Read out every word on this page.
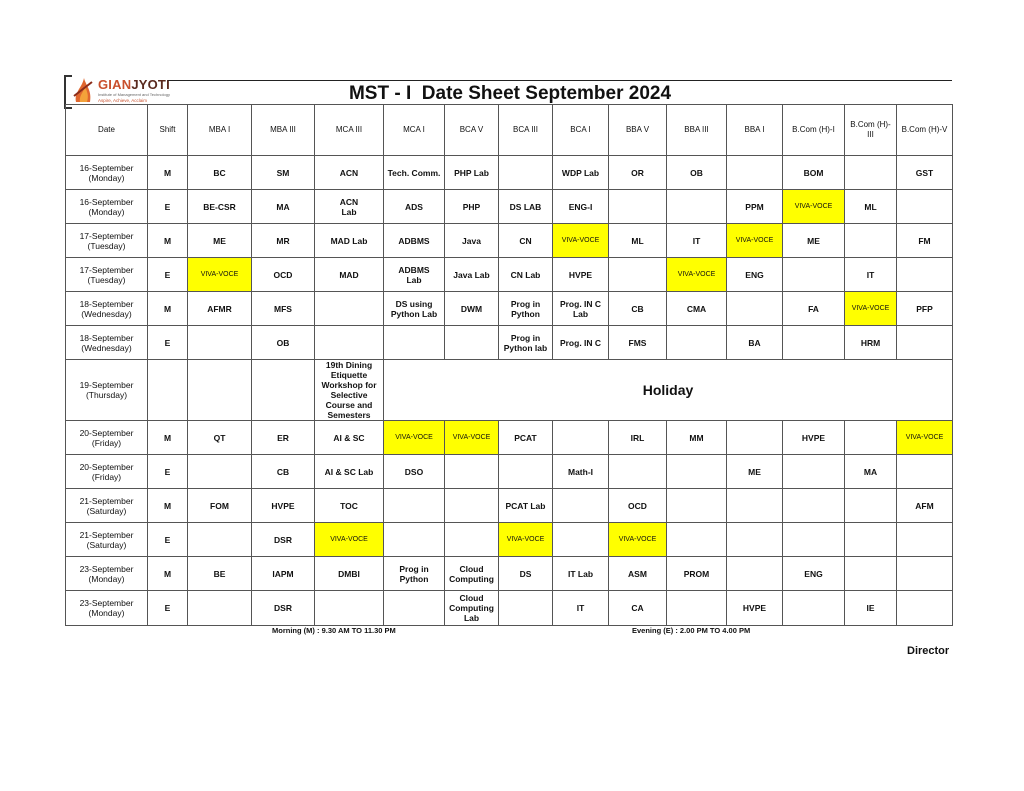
GIANJYOTI
Institute of Management and Technology
Aspire, Achieve, Acclaim	MST - I  Date Sheet September 2024
Date	Shift	MBA I	MBA III	MCA III	MCA I	BCA V	BCA III	BCA I	BBA V	BBA III	BBA I	B.Com (H)-I	B.Com (H)-III	B.Com (H)-V
16-September
(Monday)	M	BC	SM	ACN	Tech. Comm.	PHP Lab		WDP Lab	OR	OB		BOM		GST
16-September
(Monday)	E	BE-CSR	MA	ACN
Lab	ADS	PHP	DS LAB	ENG-I			PPM	VIVA-VOCE	ML	
17-September
(Tuesday)	M	ME	MR	MAD Lab	ADBMS	Java	CN	VIVA-VOCE	ML	IT	VIVA-VOCE	ME		FM
17-September
(Tuesday)	E	VIVA-VOCE	OCD	MAD	ADBMS
Lab	Java Lab	CN Lab	HVPE		VIVA-VOCE	ENG		IT	
18-September
(Wednesday)	M	AFMR	MFS		DS using
Python Lab	DWM	Prog in
Python	Prog. IN C
Lab	CB	CMA		FA	VIVA-VOCE	PFP
18-September
(Wednesday)	E		OB				Prog in
Python lab	Prog. IN C	FMS		BA		HRM	
19-September
(Thursday)				19th Dining Etiquette
Workshop for Selective
Course and Semesters	Holiday									
20-September
(Friday)	M	QT	ER	AI & SC	VIVA-VOCE	VIVA-VOCE	PCAT		IRL	MM		HVPE		VIVA-VOCE
20-September
(Friday)	E		CB	AI & SC Lab	DSO			Math-I			ME		MA	
21-September
(Saturday)	M	FOM	HVPE	TOC			PCAT Lab		OCD					AFM
21-September
(Saturday)	E		DSR	VIVA-VOCE			VIVA-VOCE		VIVA-VOCE					
23-September
(Monday)	M	BE	IAPM	DMBI	Prog in
Python	Cloud
Computing	DS	IT Lab	ASM	PROM		ENG		
23-September
(Monday)	E		DSR			Cloud
Computing
Lab		IT	CA		HVPE		IE	
Morning (M) : 9.30 AM TO 11.30 PM	Evening (E) : 2.00 PM TO 4.00 PM
Director
